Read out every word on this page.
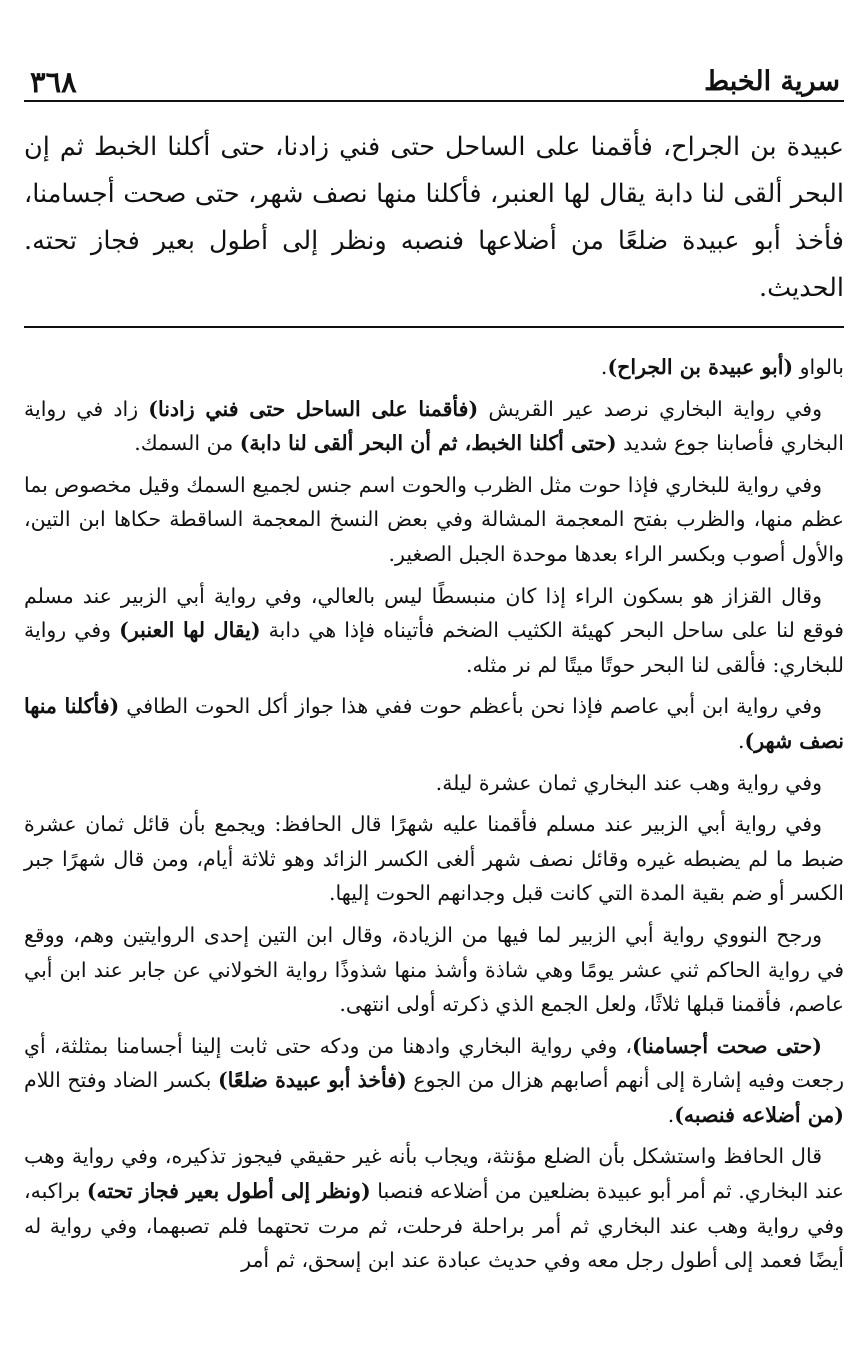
٣٦٨	سرية الخبط
عبيدة بن الجراح، فأقمنا على الساحل حتى فني زادنا، حتى أكلنا الخبط ثم إن البحر ألقى لنا دابة يقال لها العنبر، فأكلنا منها نصف شهر، حتى صحت أجسامنا، فأخذ أبو عبيدة ضلعًا من أضلاعها فنصبه ونظر إلى أطول بعير فجاز تحته. الحديث.

بالواو (أبو عبيدة بن الجراح).

وفي رواية البخاري نرصد عير القريش (فأقمنا على الساحل حتى فني زادنا) زاد في رواية البخاري فأصابنا جوع شديد (حتى أكلنا الخبط، ثم أن البحر ألقى لنا دابة) من السمك.

وفي رواية للبخاري فإذا حوت مثل الظرب والحوت اسم جنس لجميع السمك وقيل مخصوص بما عظم منها، والظرب بفتح المعجمة المشالة وفي بعض النسخ المعجمة الساقطة حكاها ابن التين، والأول أصوب وبكسر الراء بعدها موحدة الجبل الصغير.

وقال القزاز هو بسكون الراء إذا كان منبسطًا ليس بالعالي، وفي رواية أبي الزبير عند مسلم فوقع لنا على ساحل البحر كهيئة الكثيب الضخم فأتيناه فإذا هي دابة (يقال لها العنبر) وفي رواية للبخاري: فألقى لنا البحر حوتًا ميتًا لم نر مثله.

وفي رواية ابن أبي عاصم فإذا نحن بأعظم حوت ففي هذا جواز أكل الحوت الطافي (فأكلنا منها نصف شهر).

وفي رواية وهب عند البخاري ثمان عشرة ليلة.

وفي رواية أبي الزبير عند مسلم فأقمنا عليه شهرًا قال الحافظ: ويجمع بأن قائل ثمان عشرة ضبط ما لم يضبطه غيره وقائل نصف شهر ألغى الكسر الزائد وهو ثلاثة أيام، ومن قال شهرًا جبر الكسر أو ضم بقية المدة التي كانت قبل وجدانهم الحوت إليها.

ورجح النووي رواية أبي الزبير لما فيها من الزيادة، وقال ابن التين إحدى الروايتين وهم، ووقع في رواية الحاكم ثني عشر يومًا وهي شاذة وأشذ منها شذوذًا رواية الخولاني عن جابر عند ابن أبي عاصم، فأقمنا قبلها ثلاثًا، ولعل الجمع الذي ذكرته أولى انتهى.

(حتى صحت أجسامنا)، وفي رواية البخاري وادهنا من ودكه حتى ثابت إلينا أجسامنا بمثلثة، أي رجعت وفيه إشارة إلى أنهم أصابهم هزال من الجوع (فأخذ أبو عبيدة ضلعًا) بكسر الضاد وفتح اللام (من أضلاعه فنصبه).

قال الحافظ واستشكل بأن الضلع مؤنثة، ويجاب بأنه غير حقيقي فيجوز تذكيره، وفي رواية وهب عند البخاري. ثم أمر أبو عبيدة بضلعين من أضلاعه فنصبا (ونظر إلى أطول بعير فجاز تحته) براكبه، وفي رواية وهب عند البخاري ثم أمر براحلة فرحلت، ثم مرت تحتهما فلم تصبهما، وفي رواية له أيضًا فعمد إلى أطول رجل معه وفي حديث عبادة عند ابن إسحق، ثم أمر
